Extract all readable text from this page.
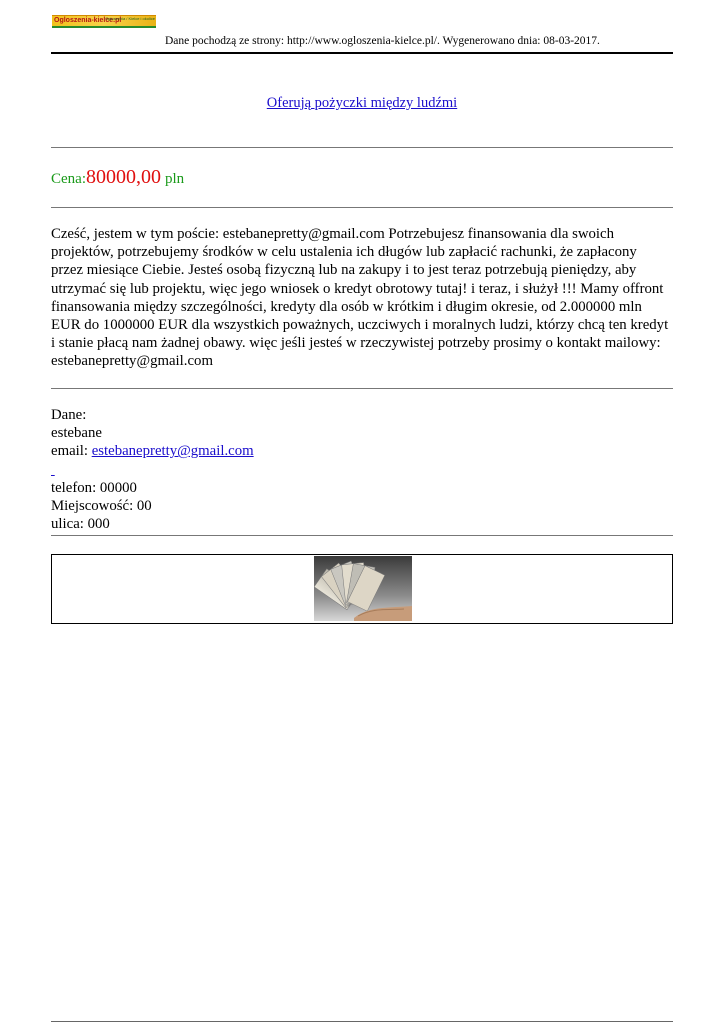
Ogloszenia-kielce.pl
Ogłoszenia / Kielce i okolice
Dane pochodzą ze strony: http://www.ogloszenia-kielce.pl/. Wygenerowano dnia: 08-03-2017.
Oferują pożyczki między ludźmi
Cena:80000,00 pln
Cześć, jestem w tym poście: estebanepretty@gmail.com Potrzebujesz finansowania dla swoich
projektów, potrzebujemy środków w celu ustalenia ich długów lub zapłacić rachunki, że zapłacony
przez miesiące Ciebie. Jesteś osobą fizyczną lub na zakupy i to jest teraz potrzebują pieniędzy, aby
utrzymać się lub projektu, więc jego wniosek o kredyt obrotowy tutaj! i teraz, i służył !!! Mamy offront
finansowania między szczególności, kredyty dla osób w krótkim i długim okresie, od 2.000000 mln
EUR do 1000000 EUR dla wszystkich poważnych, uczciwych i moralnych ludzi, którzy chcą ten kredyt
i stanie płacą nam żadnej obawy. więc jeśli jesteś w rzeczywistej potrzeby prosimy o kontakt mailowy:
estebanepretty@gmail.com
Dane:
estebane
email: estebanepretty@gmail.com

telefon: 00000
Miejscowość: 00
ulica: 000
